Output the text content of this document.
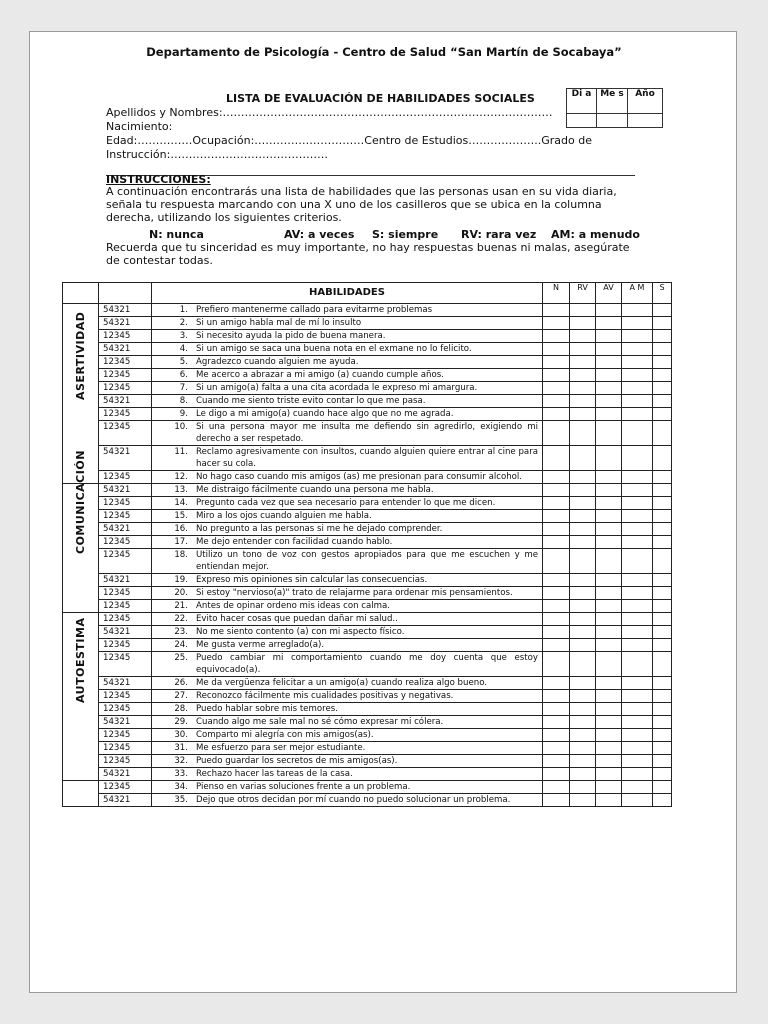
Departamento de Psicología - Centro de Salud “San Martín de Socabaya”
LISTA DE EVALUACIÓN DE HABILIDADES SOCIALES	Di a	Me s	Año

Apellidos y Nombres:………………………………………………………………………………
Nacimiento:
Edad:……………Ocupación:…………………………Centro de Estudios………………..Grado de
Instrucción:…………………………………….
INSTRUCCIONES:
A continuación encontrarás una lista de habilidades que las personas usan en su vida diaria, señala tu respuesta marcando con una X uno de los casilleros que se ubica en la columna derecha, utilizando los siguientes criterios.
N: nunca	AV: a veces S: siempre RV: rara vez AM: a menudo
Recuerda que tu sinceridad es muy importante, no hay respuestas buenas ni malas, asegúrate de contestar todas.
		HABILIDADES	N	RV	AV	A M	S

ASERTIVIDAD	54321	1. Prefiero mantenerme callado para evitarme problemas					

	54321	2. Si un amigo habla mal de mí lo insulto					

	12345	3. Si necesito ayuda la pido de buena manera.					

	54321	4. Si un amigo se saca una buena nota en el exmane no lo felicito.					

	12345	5. Agradezco cuando alguien me ayuda.					

	12345	6. Me acerco a abrazar a mi amigo (a) cuando cumple años.					

	12345	7. Si un amigo(a) falta a una cita acordada le expreso mi amargura.					

	54321	8. Cuando me siento triste evito contar lo que me pasa.					

	12345	9. Le digo a mi amigo(a) cuando hace algo que no me agrada.					

	12345	10. Si una persona mayor me insulta me defiendo sin agredirlo, exigiendo mi derecho a ser respetado.					

	54321	11. Reclamo agresivamente con insultos, cuando alguien quiere entrar al cine para hacer su cola.					

	12345	12. No hago caso cuando mis amigos (as) me presionan para consumir alcohol.					

COMUNICACIÓN	54321	13. Me distraigo fácilmente cuando una persona me habla.					

	12345	14. Pregunto cada vez que sea necesario para entender lo que me dicen.					

	12345	15. Miro a los ojos cuando alguien me habla.					

	54321	16. No pregunto a las personas si me he dejado comprender.					

	12345	17. Me dejo entender con facilidad cuando hablo.					

	12345	18. Utilizo un tono de voz con gestos apropiados para que me escuchen y me entiendan mejor.					

	54321	19. Expreso mis opiniones sin calcular las consecuencias.					

	12345	20. Si estoy "nervioso(a)" trato de relajarme para ordenar mis pensamientos.					

	12345	21. Antes de opinar ordeno mis ideas con calma.					

AUTOESTIMA	12345	22. Evito hacer cosas que puedan dañar mi salud..					

	54321	23. No me siento contento (a) con mi aspecto físico.					

	12345	24. Me gusta verme arreglado(a).					

	12345	25. Puedo cambiar mi comportamiento cuando me doy cuenta que estoy equivocado(a).					

	54321	26. Me da vergüenza felicitar a un amigo(a) cuando realiza algo bueno.					

	12345	27. Reconozco fácilmente mis cualidades positivas y negativas.					

	12345	28. Puedo hablar sobre mis temores.					

	54321	29. Cuando algo me sale mal no sé cómo expresar mi cólera.					

	12345	30. Comparto mi alegría con mis amigos(as).					

	12345	31. Me esfuerzo para ser mejor estudiante.					

	12345	32. Puedo guardar los secretos de mis amigos(as).					

	54321	33. Rechazo hacer las tareas de la casa.					

	12345	34. Pienso en varias soluciones frente a un problema.					

	54321	35. Dejo que otros decidan por mí cuando no puedo solucionar un problema.					
